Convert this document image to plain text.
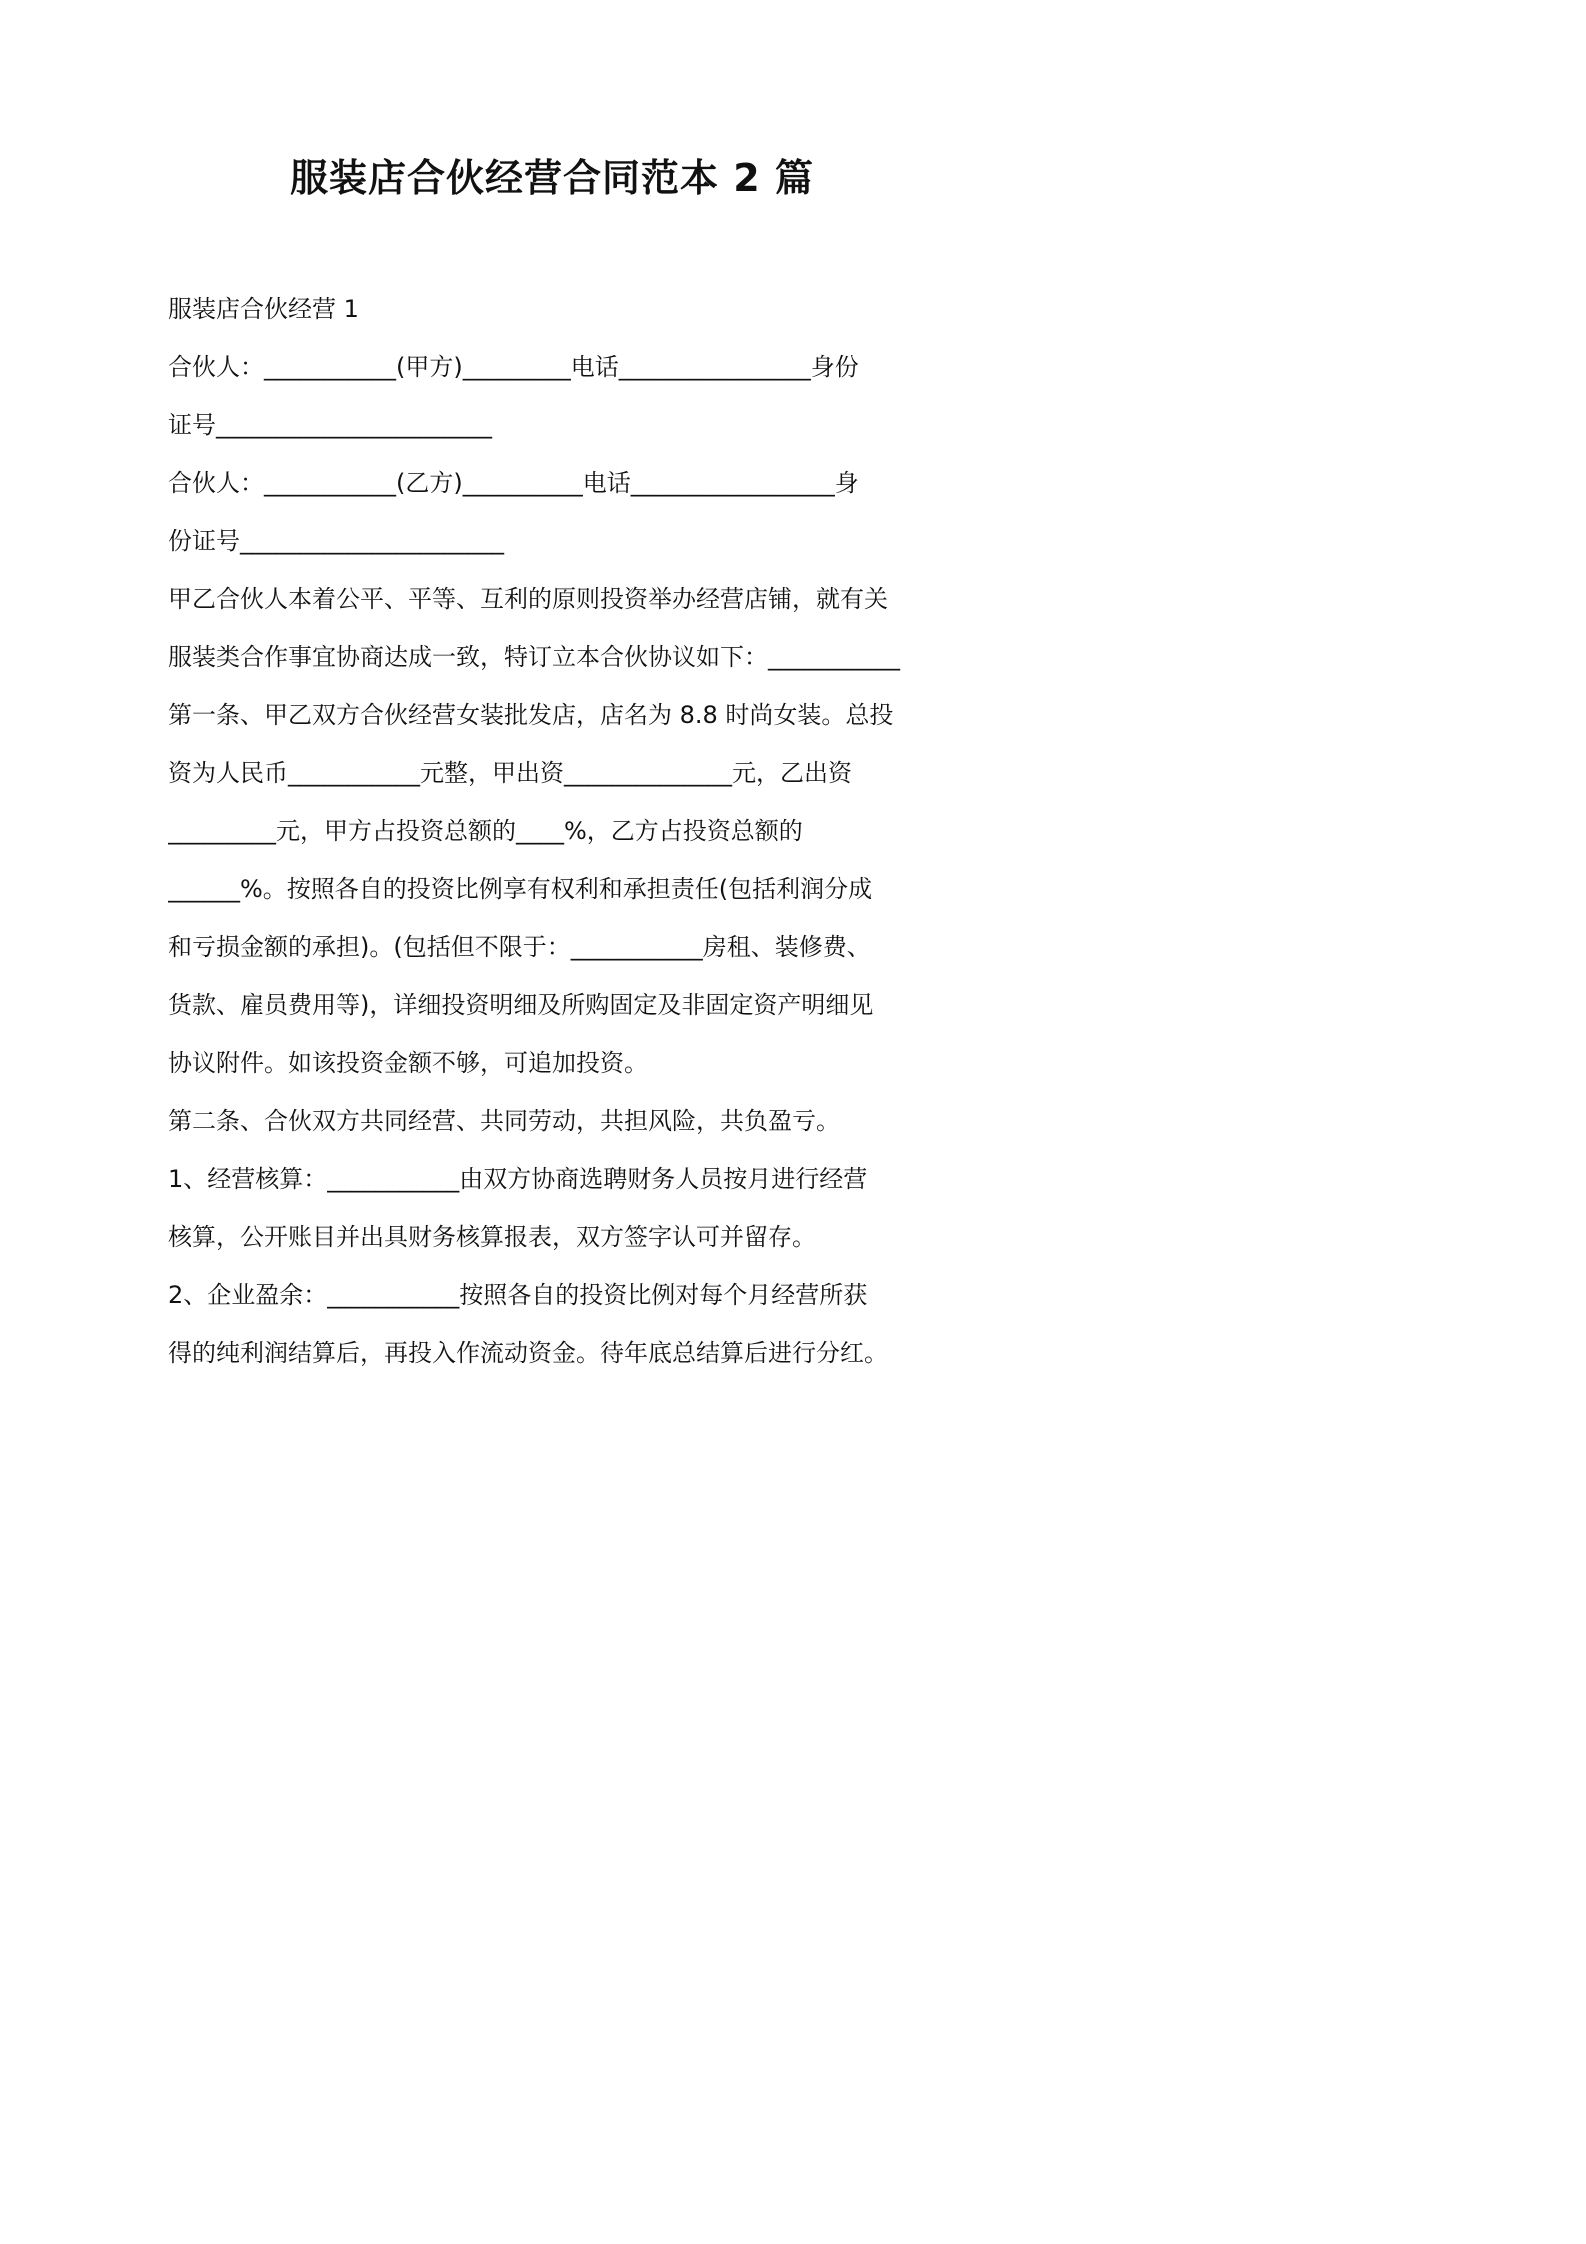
服装店合伙经营合同范本 2 篇
服装店合伙经营 1
合伙人：___________(甲方)_________电话________________身份
证号_______________________
合伙人：___________(乙方)__________电话_________________身
份证号______________________
甲乙合伙人本着公平、平等、互利的原则投资举办经营店铺，就有关
服装类合作事宜协商达成一致，特订立本合伙协议如下：___________
第一条、甲乙双方合伙经营女装批发店，店名为 8.8 时尚女装。总投
资为人民币___________元整，甲出资______________元，乙出资
_________元，甲方占投资总额的____%，乙方占投资总额的
______%。按照各自的投资比例享有权利和承担责任(包括利润分成
和亏损金额的承担)。(包括但不限于：___________房租、装修费、
货款、雇员费用等)，详细投资明细及所购固定及非固定资产明细见
协议附件。如该投资金额不够，可追加投资。
第二条、合伙双方共同经营、共同劳动，共担风险，共负盈亏。
1、经营核算：___________由双方协商选聘财务人员按月进行经营
核算，公开账目并出具财务核算报表，双方签字认可并留存。
2、企业盈余：___________按照各自的投资比例对每个月经营所获
得的纯利润结算后，再投入作流动资金。待年底总结算后进行分红。
